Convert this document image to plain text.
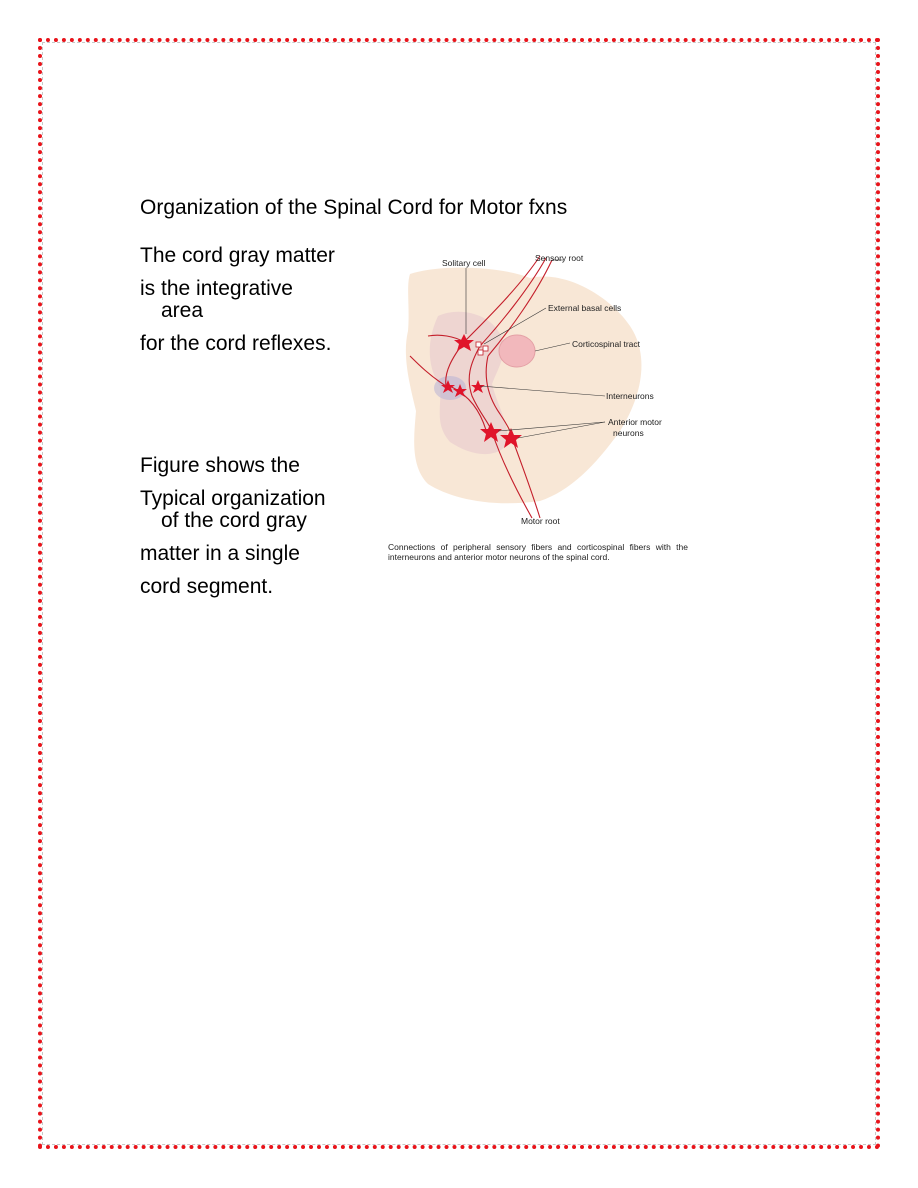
Organization of the Spinal Cord for Motor fxns
The cord gray matter
is the integrative
area
for the cord reflexes.
Figure shows the
Typical organization
of the cord gray
matter in a single
cord segment.
Solitary cell	Sensory root
External basal cells
Corticospinal tract
Interneurons
Anterior motor
neurons
Motor root
Connections of peripheral sensory fibers and corticospinal fibers with the interneurons and anterior motor neurons of the spinal cord.
